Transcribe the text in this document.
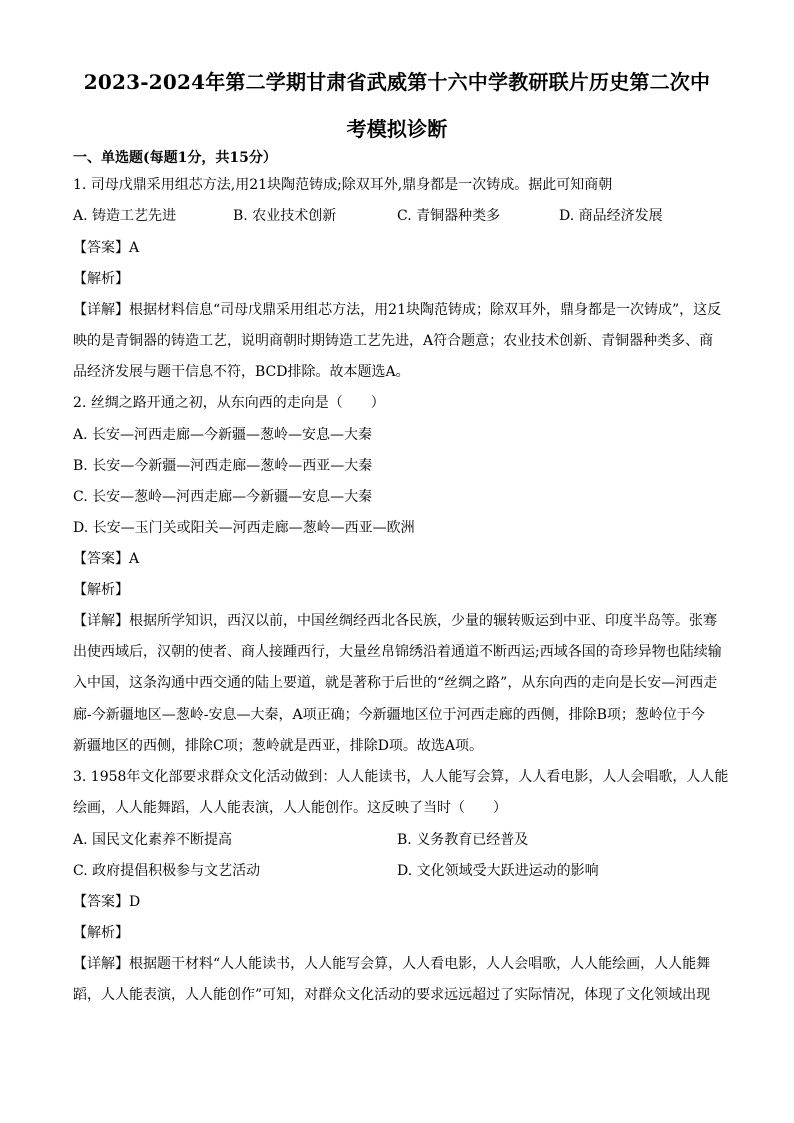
2023-2024年第二学期甘肃省武威第十六中学教研联片历史第二次中
考模拟诊断
一、单选题(每题1分，共15分）
1. 司母戊鼎采用组芯方法,用21块陶范铸成;除双耳外,鼎身都是一次铸成。据此可知商朝
A. 铸造工艺先进	B. 农业技术创新	C. 青铜器种类多	D. 商品经济发展
【答案】A
【解析】
【详解】根据材料信息“司母戊鼎采用组芯方法，用21块陶范铸成；除双耳外，鼎身都是一次铸成”，这反
映的是青铜器的铸造工艺，说明商朝时期铸造工艺先进，A符合题意；农业技术创新、青铜器种类多、商
品经济发展与题干信息不符，BCD排除。故本题选A。
2. 丝绸之路开通之初，从东向西的走向是（　　）
A. 长安—河西走廊—今新疆—葱岭—安息—大秦
B. 长安—今新疆—河西走廊—葱岭—西亚—大秦
C. 长安—葱岭—河西走廊—今新疆—安息—大秦
D. 长安—玉门关或阳关—河西走廊—葱岭—西亚—欧洲
【答案】A
【解析】
【详解】根据所学知识，西汉以前，中国丝绸经西北各民族，少量的辗转贩运到中亚、印度半岛等。张骞
出使西域后，汉朝的使者、商人接踵西行，大量丝帛锦绣沿着通道不断西运;西域各国的奇珍异物也陆续输
入中国，这条沟通中西交通的陆上要道，就是著称于后世的“丝绸之路”，从东向西的走向是长安—河西走
廊-今新疆地区—葱岭-安息—大秦，A项正确；今新疆地区位于河西走廊的西侧，排除B项；葱岭位于今
新疆地区的西侧，排除C项；葱岭就是西亚，排除D项。故选A项。
3. 1958年文化部要求群众文化活动做到：人人能读书，人人能写会算，人人看电影，人人会唱歌，人人能
绘画，人人能舞蹈，人人能表演，人人能创作。这反映了当时（　　）
A. 国民文化素养不断提高	B. 义务教育已经普及
C. 政府提倡积极参与文艺活动	D. 文化领域受大跃进运动的影响
【答案】D
【解析】
【详解】根据题干材料“人人能读书，人人能写会算，人人看电影，人人会唱歌，人人能绘画，人人能舞
蹈，人人能表演，人人能创作”可知，对群众文化活动的要求远远超过了实际情况，体现了文化领域出现
